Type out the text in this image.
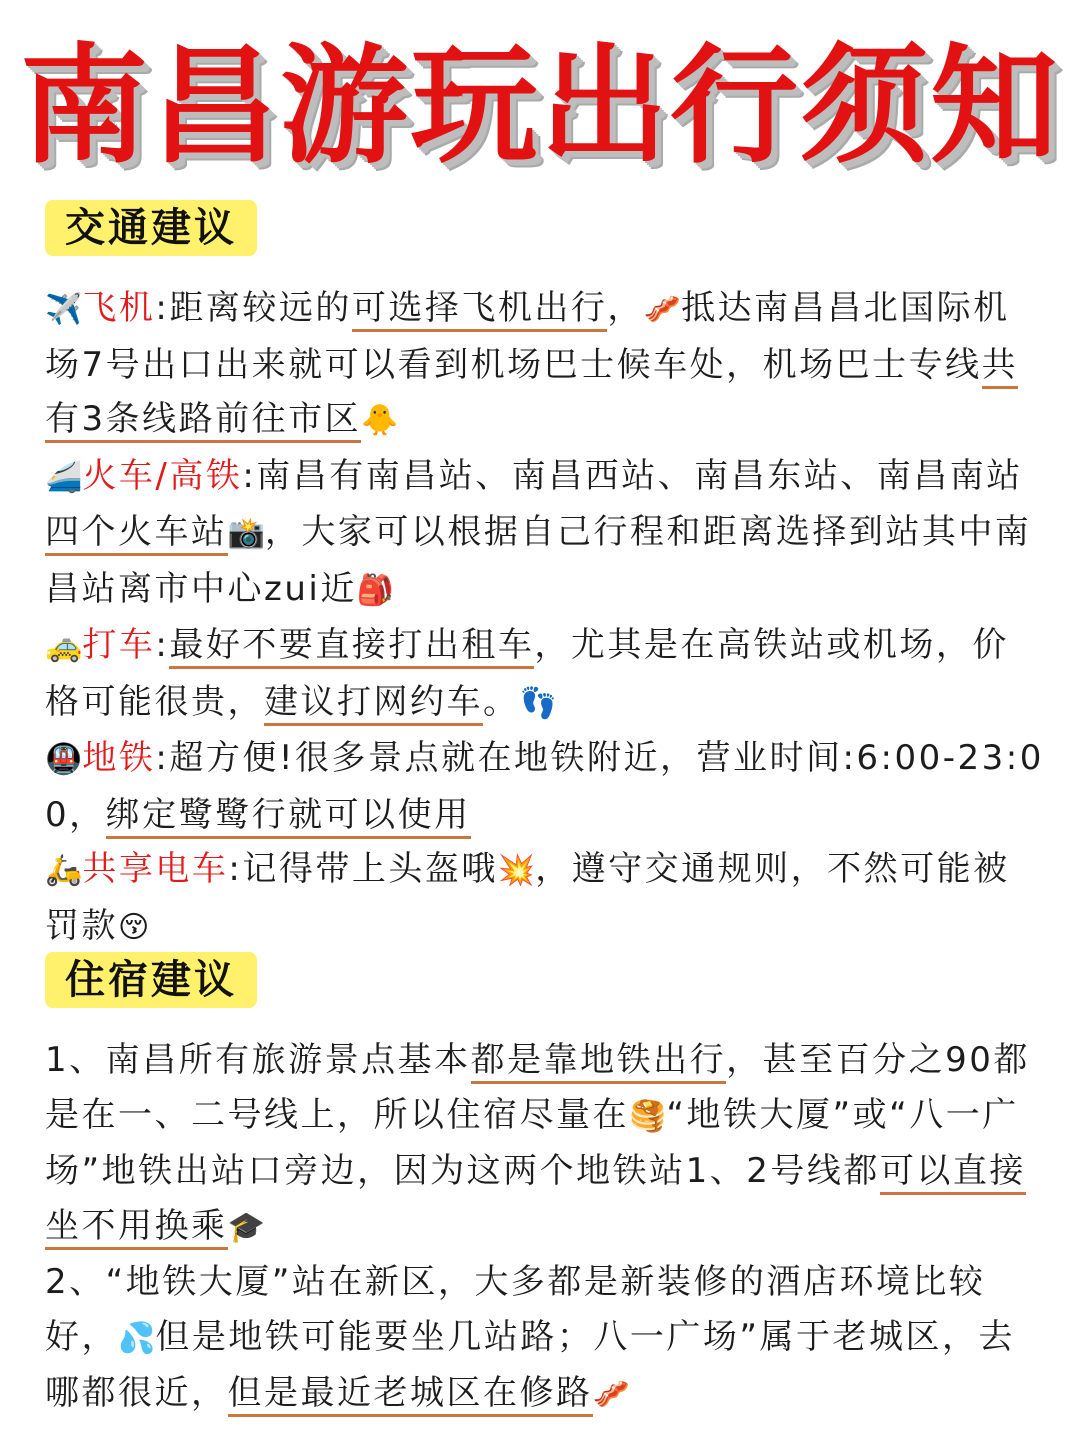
南昌游玩出行须知
交通建议

✈️飞机:距离较远的可选择飞机出行，🥓抵达南昌昌北国际机场7号出口出来就可以看到机场巴士候车处，机场巴士专线共有3条线路前往市区🐥

🚄火车/高铁:南昌有南昌站、南昌西站、南昌东站、南昌南站四个火车站📸，大家可以根据自己行程和距离选择到站其中南昌站离市中心zui近🎒

🚕打车:最好不要直接打出租车，尤其是在高铁站或机场，价格可能很贵，建议打网约车。👣

🚇地铁:超方便!很多景点就在地铁附近，营业时间:6:00-23:00，绑定鹭鹭行就可以使用

🛵共享电车:记得带上头盔哦💥，遵守交通规则，不然可能被罚款😚

住宿建议

1、南昌所有旅游景点基本都是靠地铁出行，甚至百分之90都是在一、二号线上，所以住宿尽量在🥞“地铁大厦”或“八一广场”地铁出站口旁边，因为这两个地铁站1、2号线都可以直接坐不用换乘🎓

2、“地铁大厦”站在新区，大多都是新装修的酒店环境比较好，💦但是地铁可能要坐几站路；八一广场”属于老城区，去哪都很近，但是最近老城区在修路🥓
